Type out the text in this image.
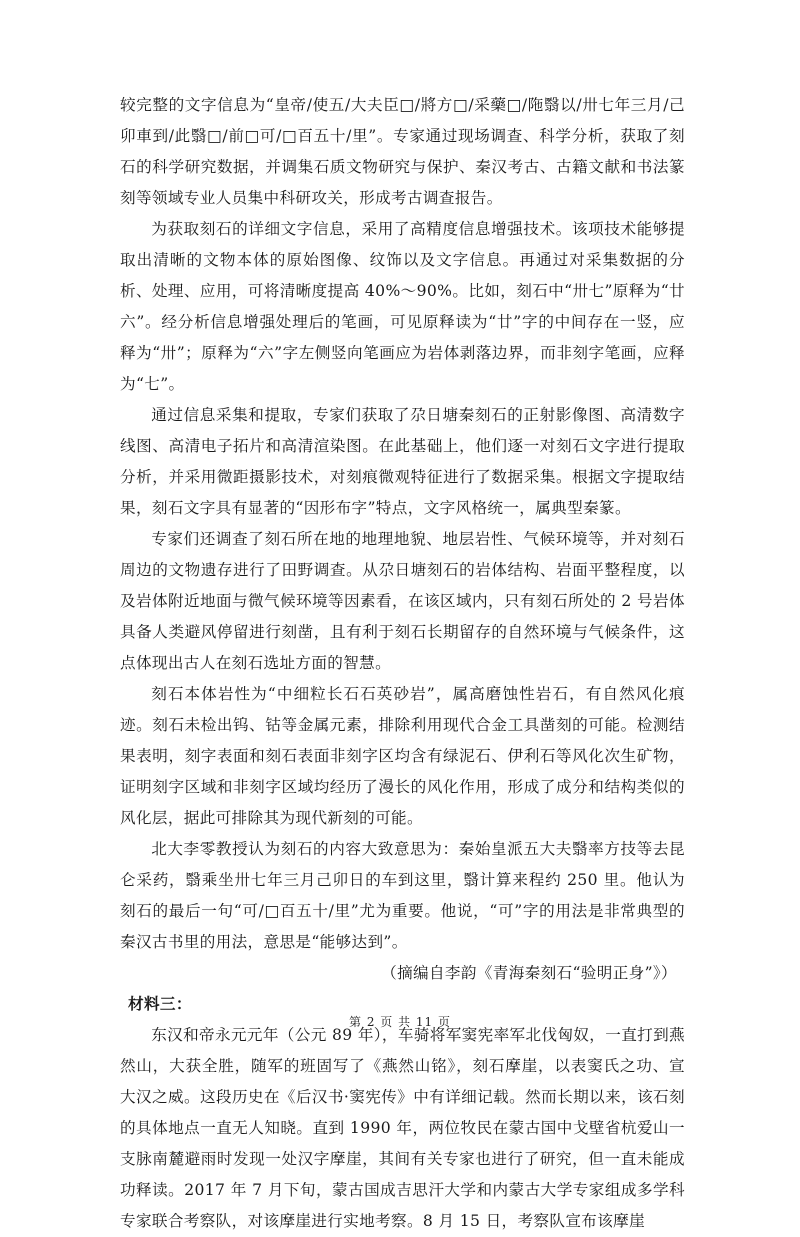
较完整的文字信息为“皇帝/使五/大夫臣□/將方□/采藥□/陁翳以/卅七年三月/己卯車到/此翳□/前□可/□百五十/里”。专家通过现场调查、科学分析，获取了刻石的科学研究数据，并调集石质文物研究与保护、秦汉考古、古籍文献和书法篆刻等领域专业人员集中科研攻关，形成考古调查报告。

为获取刻石的详细文字信息，采用了高精度信息增强技术。该项技术能够提取出清晰的文物本体的原始图像、纹饰以及文字信息。再通过对采集数据的分析、处理、应用，可将清晰度提高 40%～90%。比如，刻石中“卅七”原释为“廿六”。经分析信息增强处理后的笔画，可见原释读为“廿”字的中间存在一竖，应释为“卅”；原释为“六”字左侧竖向笔画应为岩体剥落边界，而非刻字笔画，应释为“七”。

通过信息采集和提取，专家们获取了尕日塘秦刻石的正射影像图、高清数字线图、高清电子拓片和高清渲染图。在此基础上，他们逐一对刻石文字进行提取分析，并采用微距摄影技术，对刻痕微观特征进行了数据采集。根据文字提取结果，刻石文字具有显著的“因形布字”特点，文字风格统一，属典型秦篆。

专家们还调查了刻石所在地的地理地貌、地层岩性、气候环境等，并对刻石周边的文物遗存进行了田野调查。从尕日塘刻石的岩体结构、岩面平整程度，以及岩体附近地面与微气候环境等因素看，在该区域内，只有刻石所处的 2 号岩体具备人类避风停留进行刻凿，且有利于刻石长期留存的自然环境与气候条件，这点体现出古人在刻石选址方面的智慧。

刻石本体岩性为“中细粒长石石英砂岩”，属高磨蚀性岩石，有自然风化痕迹。刻石未检出钨、钴等金属元素，排除利用现代合金工具凿刻的可能。检测结果表明，刻字表面和刻石表面非刻字区均含有绿泥石、伊利石等风化次生矿物，证明刻字区域和非刻字区域均经历了漫长的风化作用，形成了成分和结构类似的风化层，据此可排除其为现代新刻的可能。

北大李零教授认为刻石的内容大致意思为：秦始皇派五大夫翳率方技等去昆仑采药，翳乘坐卅七年三月己卯日的车到这里，翳计算来程约 250 里。他认为刻石的最后一句“可/□百五十/里”尤为重要。他说，“可”字的用法是非常典型的秦汉古书里的用法，意思是“能够达到”。

（摘编自李韵《青海秦刻石“验明正身”》）

材料三：

东汉和帝永元元年（公元 89 年），车骑将军窦宪率军北伐匈奴，一直打到燕然山，大获全胜，随军的班固写了《燕然山铭》，刻石摩崖，以表窦氏之功、宣大汉之威。这段历史在《后汉书·窦宪传》中有详细记载。然而长期以来，该石刻的具体地点一直无人知晓。直到 1990 年，两位牧民在蒙古国中戈壁省杭爱山一支脉南麓避雨时发现一处汉字摩崖，其间有关专家也进行了研究，但一直未能成功释读。2017 年 7 月下旬，蒙古国成吉思汗大学和内蒙古大学专家组成多学科专家联合考察队，对该摩崖进行实地考察。8 月 15 日，考察队宣布该摩崖

第 2 页 共 11 页
